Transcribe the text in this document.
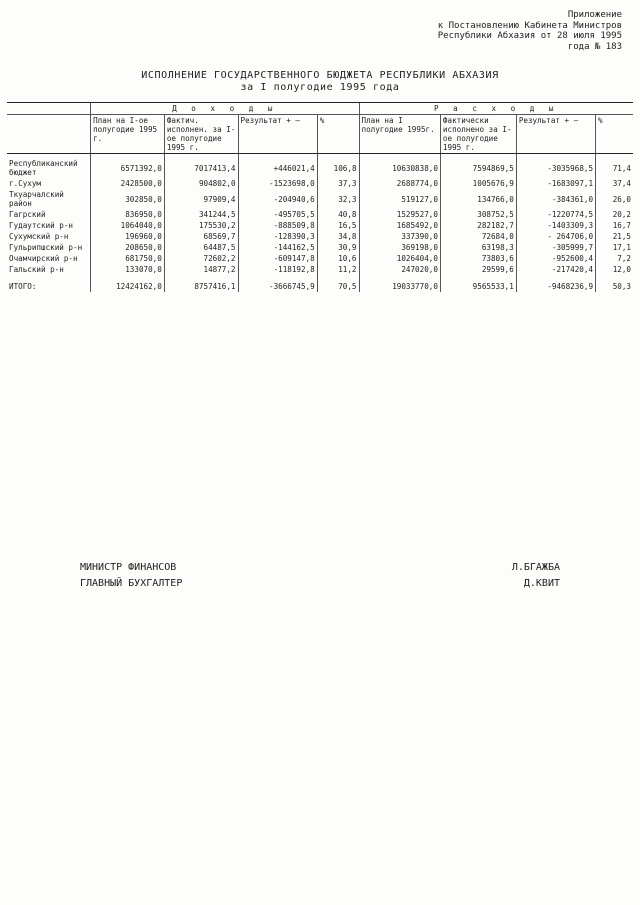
Приложение
к Постановлению Кабинета Министров
Республики Абхазия от 28 июля 1995
года № 183
ИСПОЛНЕНИЕ ГОСУДАРСТВЕННОГО БЮДЖЕТА РЕСПУБЛИКИ АБХАЗИЯ
за I полугодие 1995 года
	Д о х о д ы				Р а с х о д ы			
	План на I-ое полугодие 1995 г.	Фактич. исполнен. за I-ое полугодие 1995 г.	Результат + –	%	План на I полугодие 1995г.	Фактически исполнено за I-ое полугодие 1995 г.	Результат + –	%
Республиканский бюджет	6571392,0	7017413,4	+446021,4	106,8	10630838,0	7594869,5	-3035968,5	71,4
г.Сухум	2428500,0	904802,0	-1523698,0	37,3	2688774,0	1005676,9	-1683097,1	37,4
Ткуарчалский район	302850,0	97909,4	-204940,6	32,3	519127,0	134766,0	-384361,0	26,0
Гагрский	836950,0	341244,5	-495705,5	40,8	1529527,0	308752,5	-1220774,5	20,2
Гудаутский р-н	1064040,0	175530,2	-888509,8	16,5	1685492,0	282182,7	-1403309,3	16,7
Сухумский р-н	196960,0	68569,7	-128390,3	34,8	337390,0	72684,0	- 264706,0	21,5
Гульрипшский р-н	208650,0	64487,5	-144162,5	30,9	369198,0	63198,3	-305999,7	17,1
Очамчирский р-н	681750,0	72602,2	-609147,8	10,6	1026404,0	73803,6	-952600,4	7,2
Гальский р-н	133070,0	14877,2	-118192,8	11,2	247020,0	29599,6	-217420,4	12,0
ИТОГО:	12424162,0	8757416,1	-3666745,9	70,5	19033770,0	9565533,1	-9468236,9	50,3
МИНИСТР ФИНАНСОВ	Л.БГАЖБА
ГЛАВНЫЙ БУХГАЛТЕР	Д.КВИТ
